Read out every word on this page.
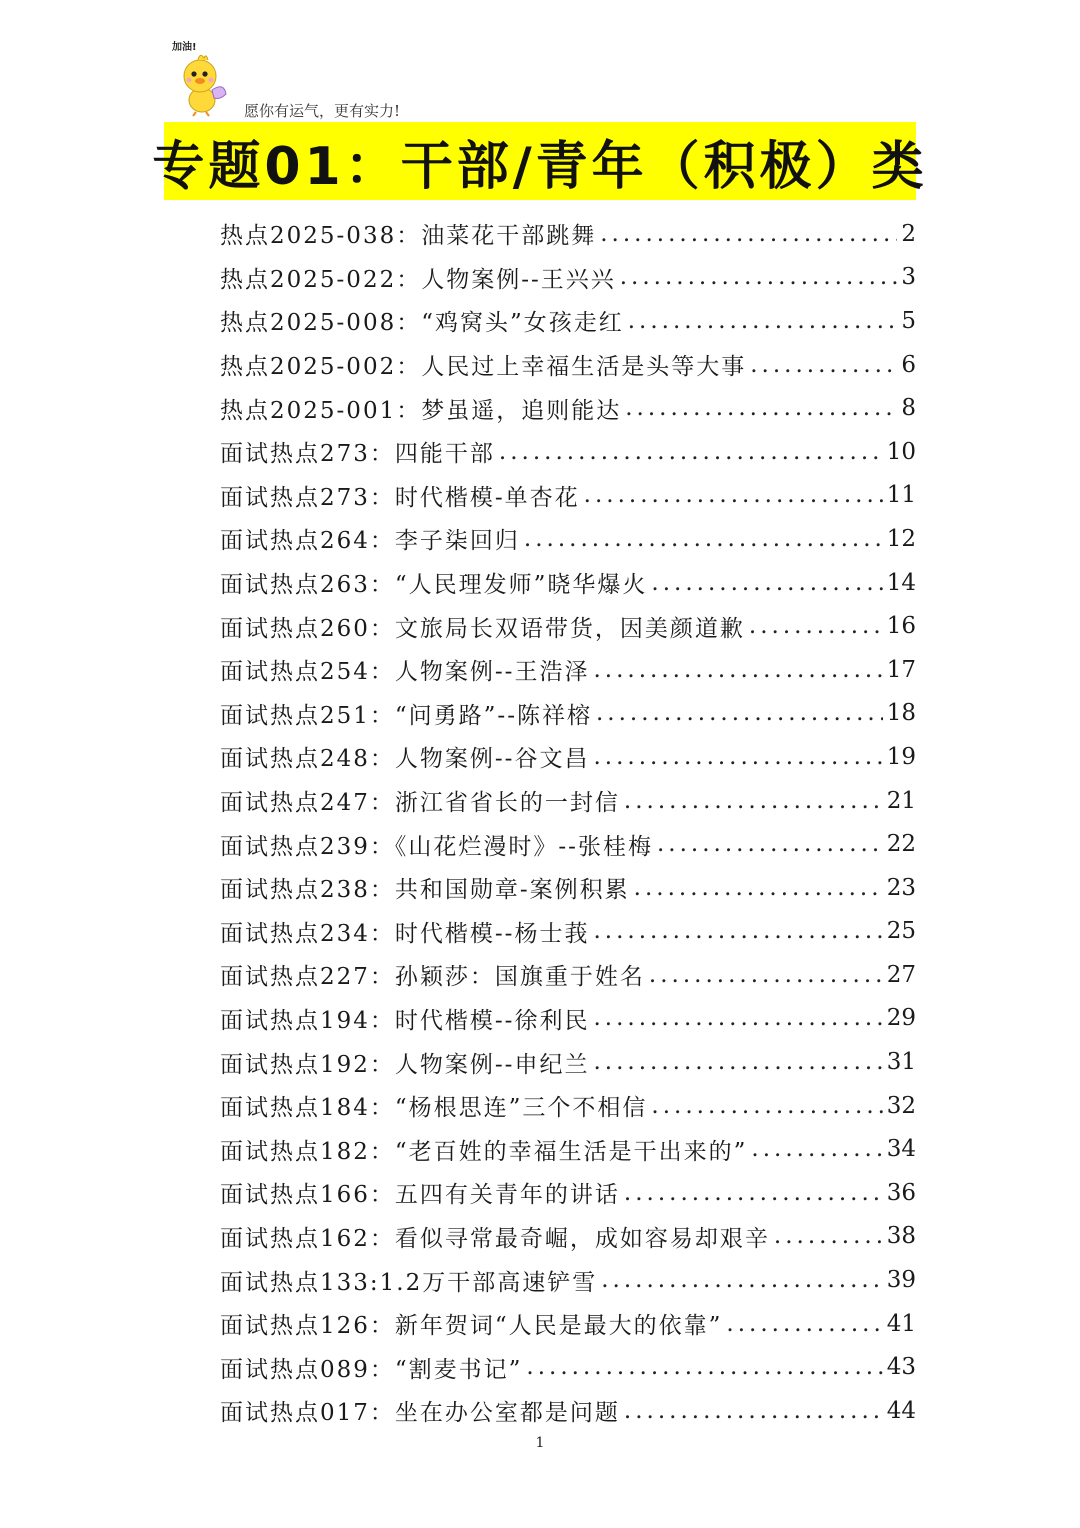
加油!
愿你有运气，更有实力!
专题01：干部/青年（积极）类
热点2025-038：油菜花干部跳舞 .....	2
热点2025-022：人物案例--王兴兴 .....	3
热点2025-008：“鸡窝头”女孩走红 .....	5
热点2025-002：人民过上幸福生活是头等大事 .....	6
热点2025-001：梦虽遥，追则能达 .....	8
面试热点273：四能干部 .....	10
面试热点273：时代楷模-单杏花 .....	11
面试热点264：李子柒回归 .....	12
面试热点263：“人民理发师”晓华爆火 .....	14
面试热点260：文旅局长双语带货，因美颜道歉 .....	16
面试热点254：人物案例--王浩泽 .....	17
面试热点251：“问勇路”--陈祥榕 .....	18
面试热点248：人物案例--谷文昌 .....	19
面试热点247：浙江省省长的一封信 .....	21
面试热点239：《山花烂漫时》--张桂梅 .....	22
面试热点238：共和国勋章-案例积累 .....	23
面试热点234：时代楷模--杨士莪 .....	25
面试热点227：孙颖莎：国旗重于姓名 .....	27
面试热点194：时代楷模--徐利民 .....	29
面试热点192：人物案例--申纪兰 .....	31
面试热点184：“杨根思连”三个不相信 .....	32
面试热点182：“老百姓的幸福生活是干出来的” .....	34
面试热点166：五四有关青年的讲话 .....	36
面试热点162：看似寻常最奇崛，成如容易却艰辛 .....	38
面试热点133:1.2万干部高速铲雪 .....	39
面试热点126：新年贺词“人民是最大的依靠” .....	41
面试热点089：“割麦书记” .....	43
面试热点017：坐在办公室都是问题 .....	44
1
